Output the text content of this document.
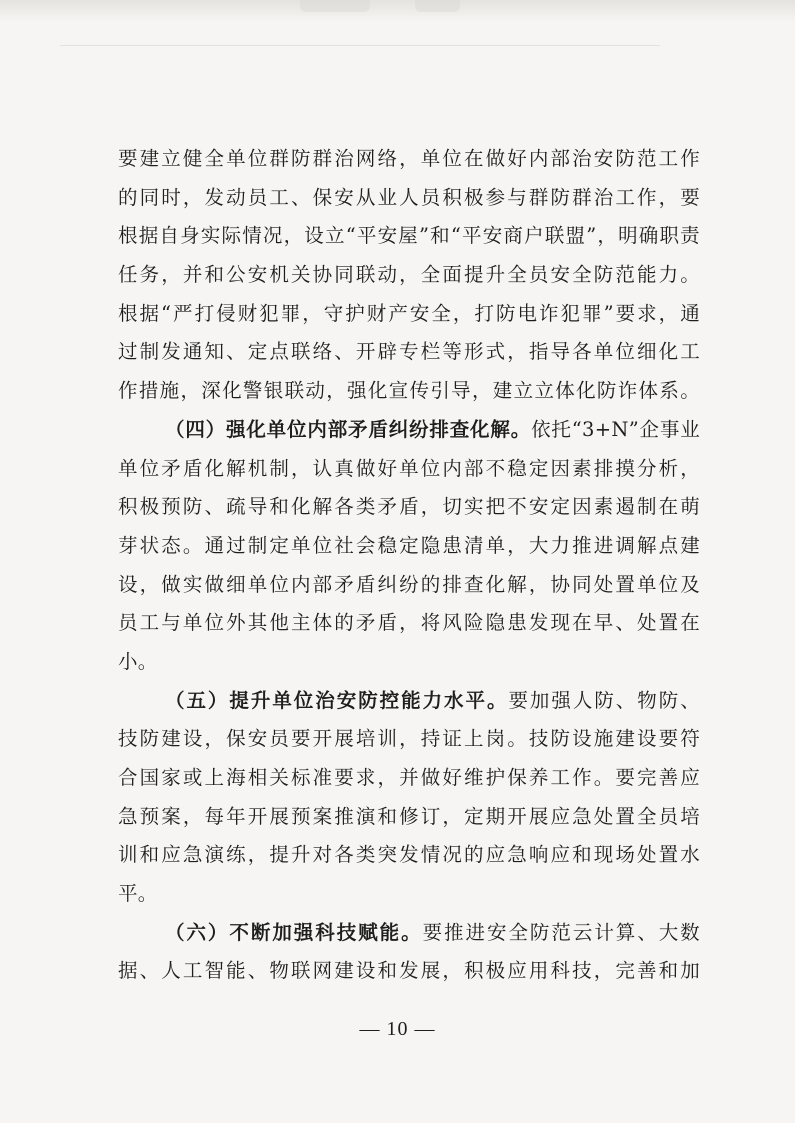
要建立健全单位群防群治网络，单位在做好内部治安防范工作
的同时，发动员工、保安从业人员积极参与群防群治工作，要
根据自身实际情况，设立“平安屋”和“平安商户联盟”，明确职责
任务，并和公安机关协同联动，全面提升全员安全防范能力。
根据“严打侵财犯罪，守护财产安全，打防电诈犯罪”要求，通
过制发通知、定点联络、开辟专栏等形式，指导各单位细化工
作措施，深化警银联动，强化宣传引导，建立立体化防诈体系。
（四）强化单位内部矛盾纠纷排查化解。依托“3+N”企事业
单位矛盾化解机制，认真做好单位内部不稳定因素排摸分析，
积极预防、疏导和化解各类矛盾，切实把不安定因素遏制在萌
芽状态。通过制定单位社会稳定隐患清单，大力推进调解点建
设，做实做细单位内部矛盾纠纷的排查化解，协同处置单位及
员工与单位外其他主体的矛盾，将风险隐患发现在早、处置在
小。
（五）提升单位治安防控能力水平。要加强人防、物防、
技防建设，保安员要开展培训，持证上岗。技防设施建设要符
合国家或上海相关标准要求，并做好维护保养工作。要完善应
急预案，每年开展预案推演和修订，定期开展应急处置全员培
训和应急演练，提升对各类突发情况的应急响应和现场处置水
平。
（六）不断加强科技赋能。要推进安全防范云计算、大数
据、人工智能、物联网建设和发展，积极应用科技，完善和加
— 10 —
